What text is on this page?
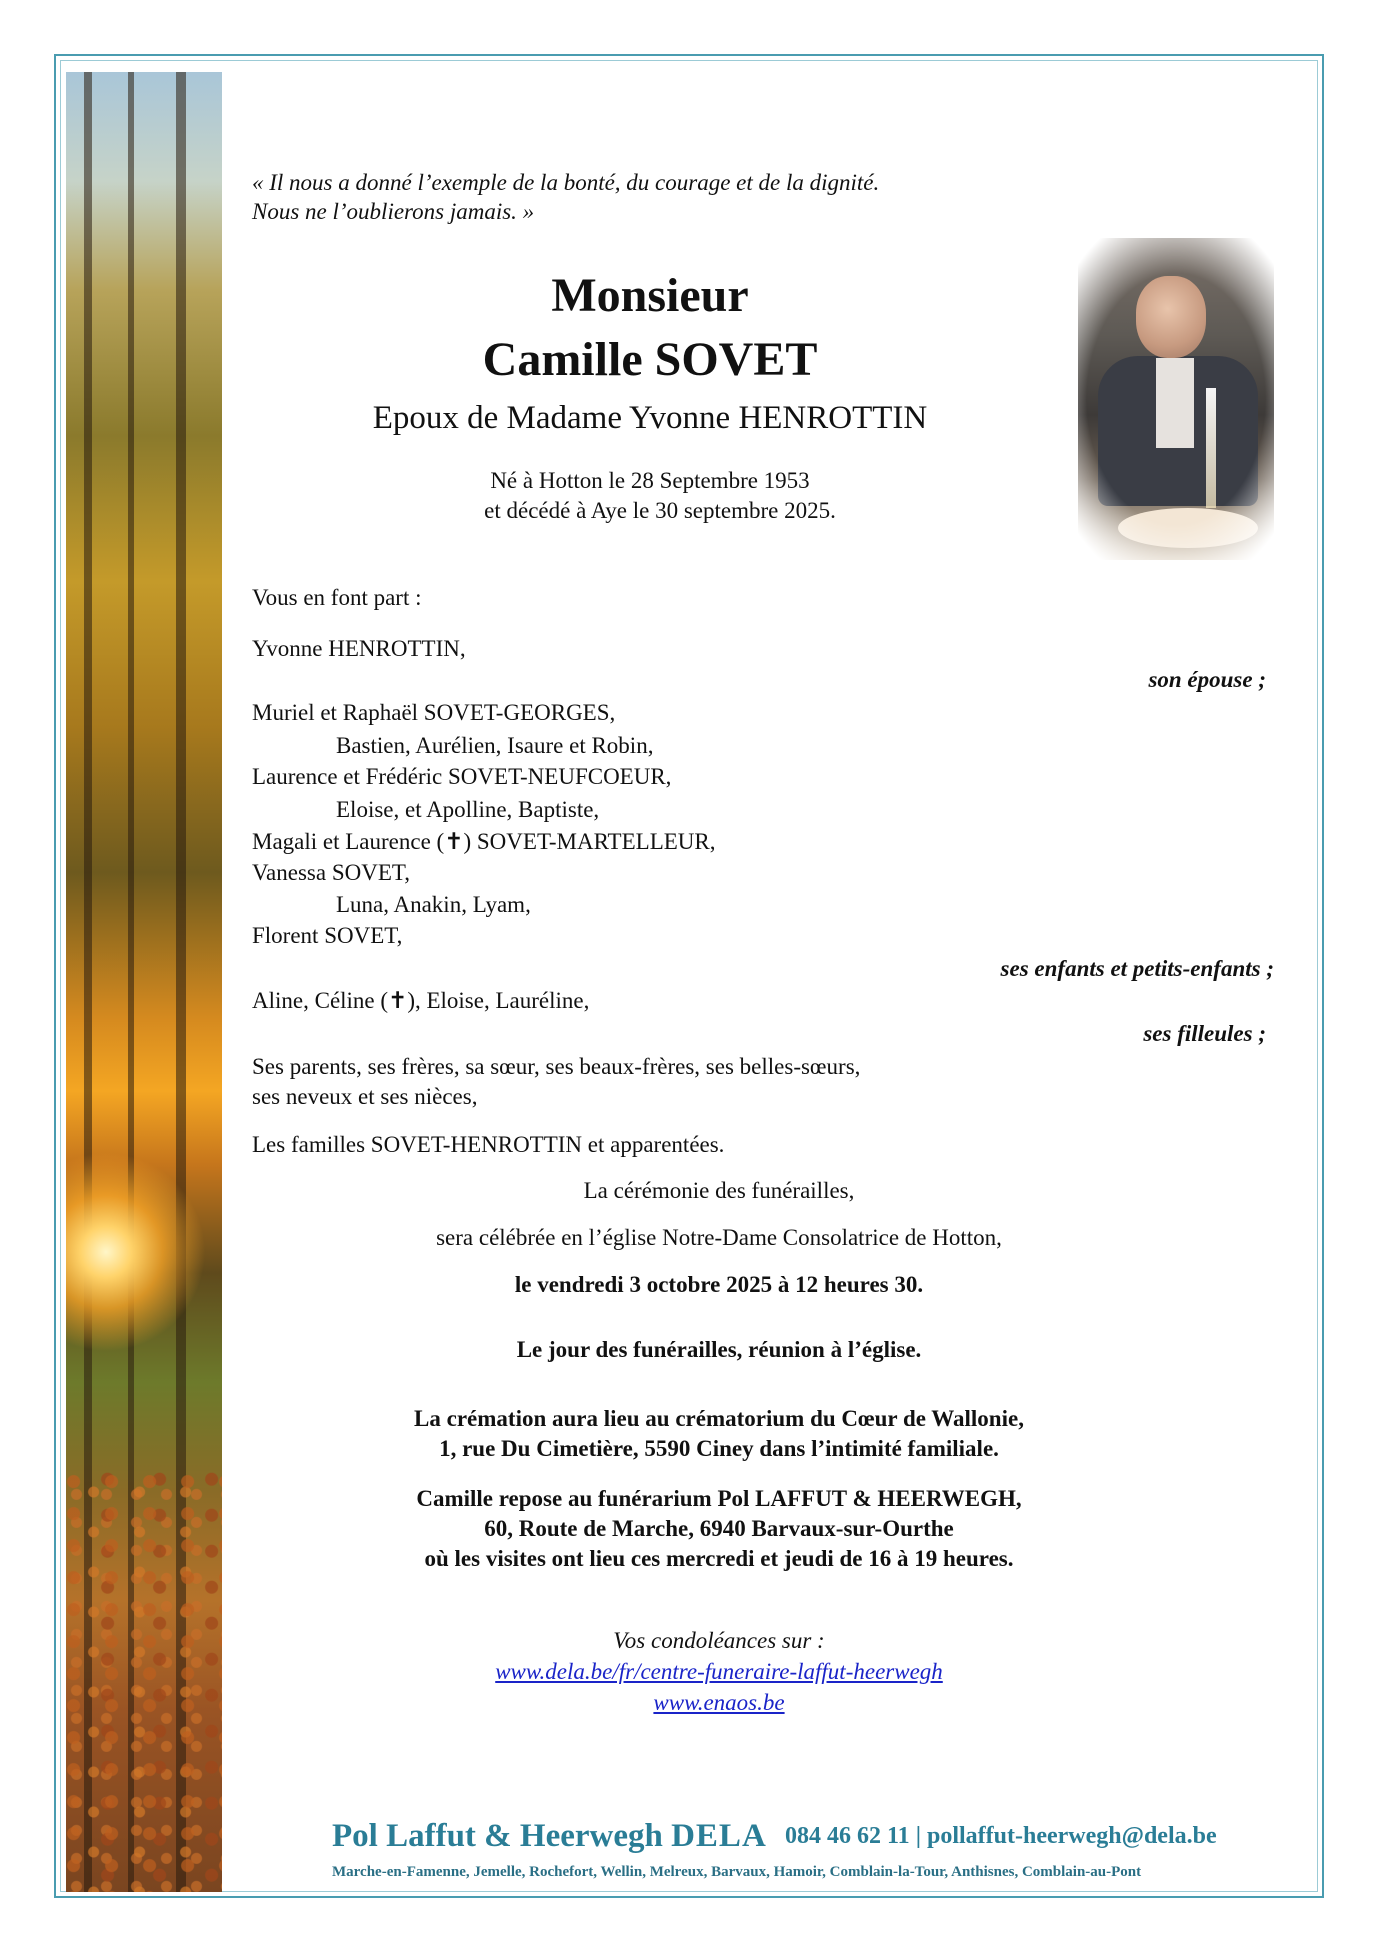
« Il nous a donné l’exemple de la bonté, du courage et de la dignité.
Nous ne l’oublierons jamais. »
Monsieur
Camille SOVET
Epoux de Madame Yvonne HENROTTIN
Né à Hotton le 28 Septembre 1953
et décédé à Aye le 30 septembre 2025.
Vous en font part :
Yvonne HENROTTIN,
son épouse ;
Muriel et Raphaël SOVET-GEORGES,
Bastien, Aurélien, Isaure et Robin,
Laurence et Frédéric SOVET-NEUFCOEUR,
Eloise, et Apolline, Baptiste,
Magali et Laurence (✝) SOVET-MARTELLEUR,
Vanessa SOVET,
Luna, Anakin, Lyam,
Florent SOVET,
ses enfants et petits-enfants ;
Aline, Céline (✝), Eloise, Lauréline,
ses filleules ;
Ses parents, ses frères, sa sœur, ses beaux-frères, ses belles-sœurs,
ses neveux et ses nièces,
Les familles SOVET-HENROTTIN et apparentées.
La cérémonie des funérailles,
sera célébrée en l’église Notre-Dame Consolatrice de Hotton,
le vendredi 3 octobre 2025 à 12 heures 30.
Le jour des funérailles, réunion à l’église.
La crémation aura lieu au crématorium du Cœur de Wallonie,
1, rue Du Cimetière, 5590 Ciney dans l’intimité familiale.
Camille repose au funérarium Pol LAFFUT & HEERWEGH,
60, Route de Marche, 6940 Barvaux-sur-Ourthe
où les visites ont lieu ces mercredi et jeudi de 16 à 19 heures.
Vos condoléances sur :
www.dela.be/fr/centre-funeraire-laffut-heerwegh
www.enaos.be
Pol Laffut & Heerwegh DELA 084 46 62 11 | pollaffut-heerwegh@dela.be
Marche-en-Famenne, Jemelle, Rochefort, Wellin, Melreux, Barvaux, Hamoir, Comblain-la-Tour, Anthisnes, Comblain-au-Pont
